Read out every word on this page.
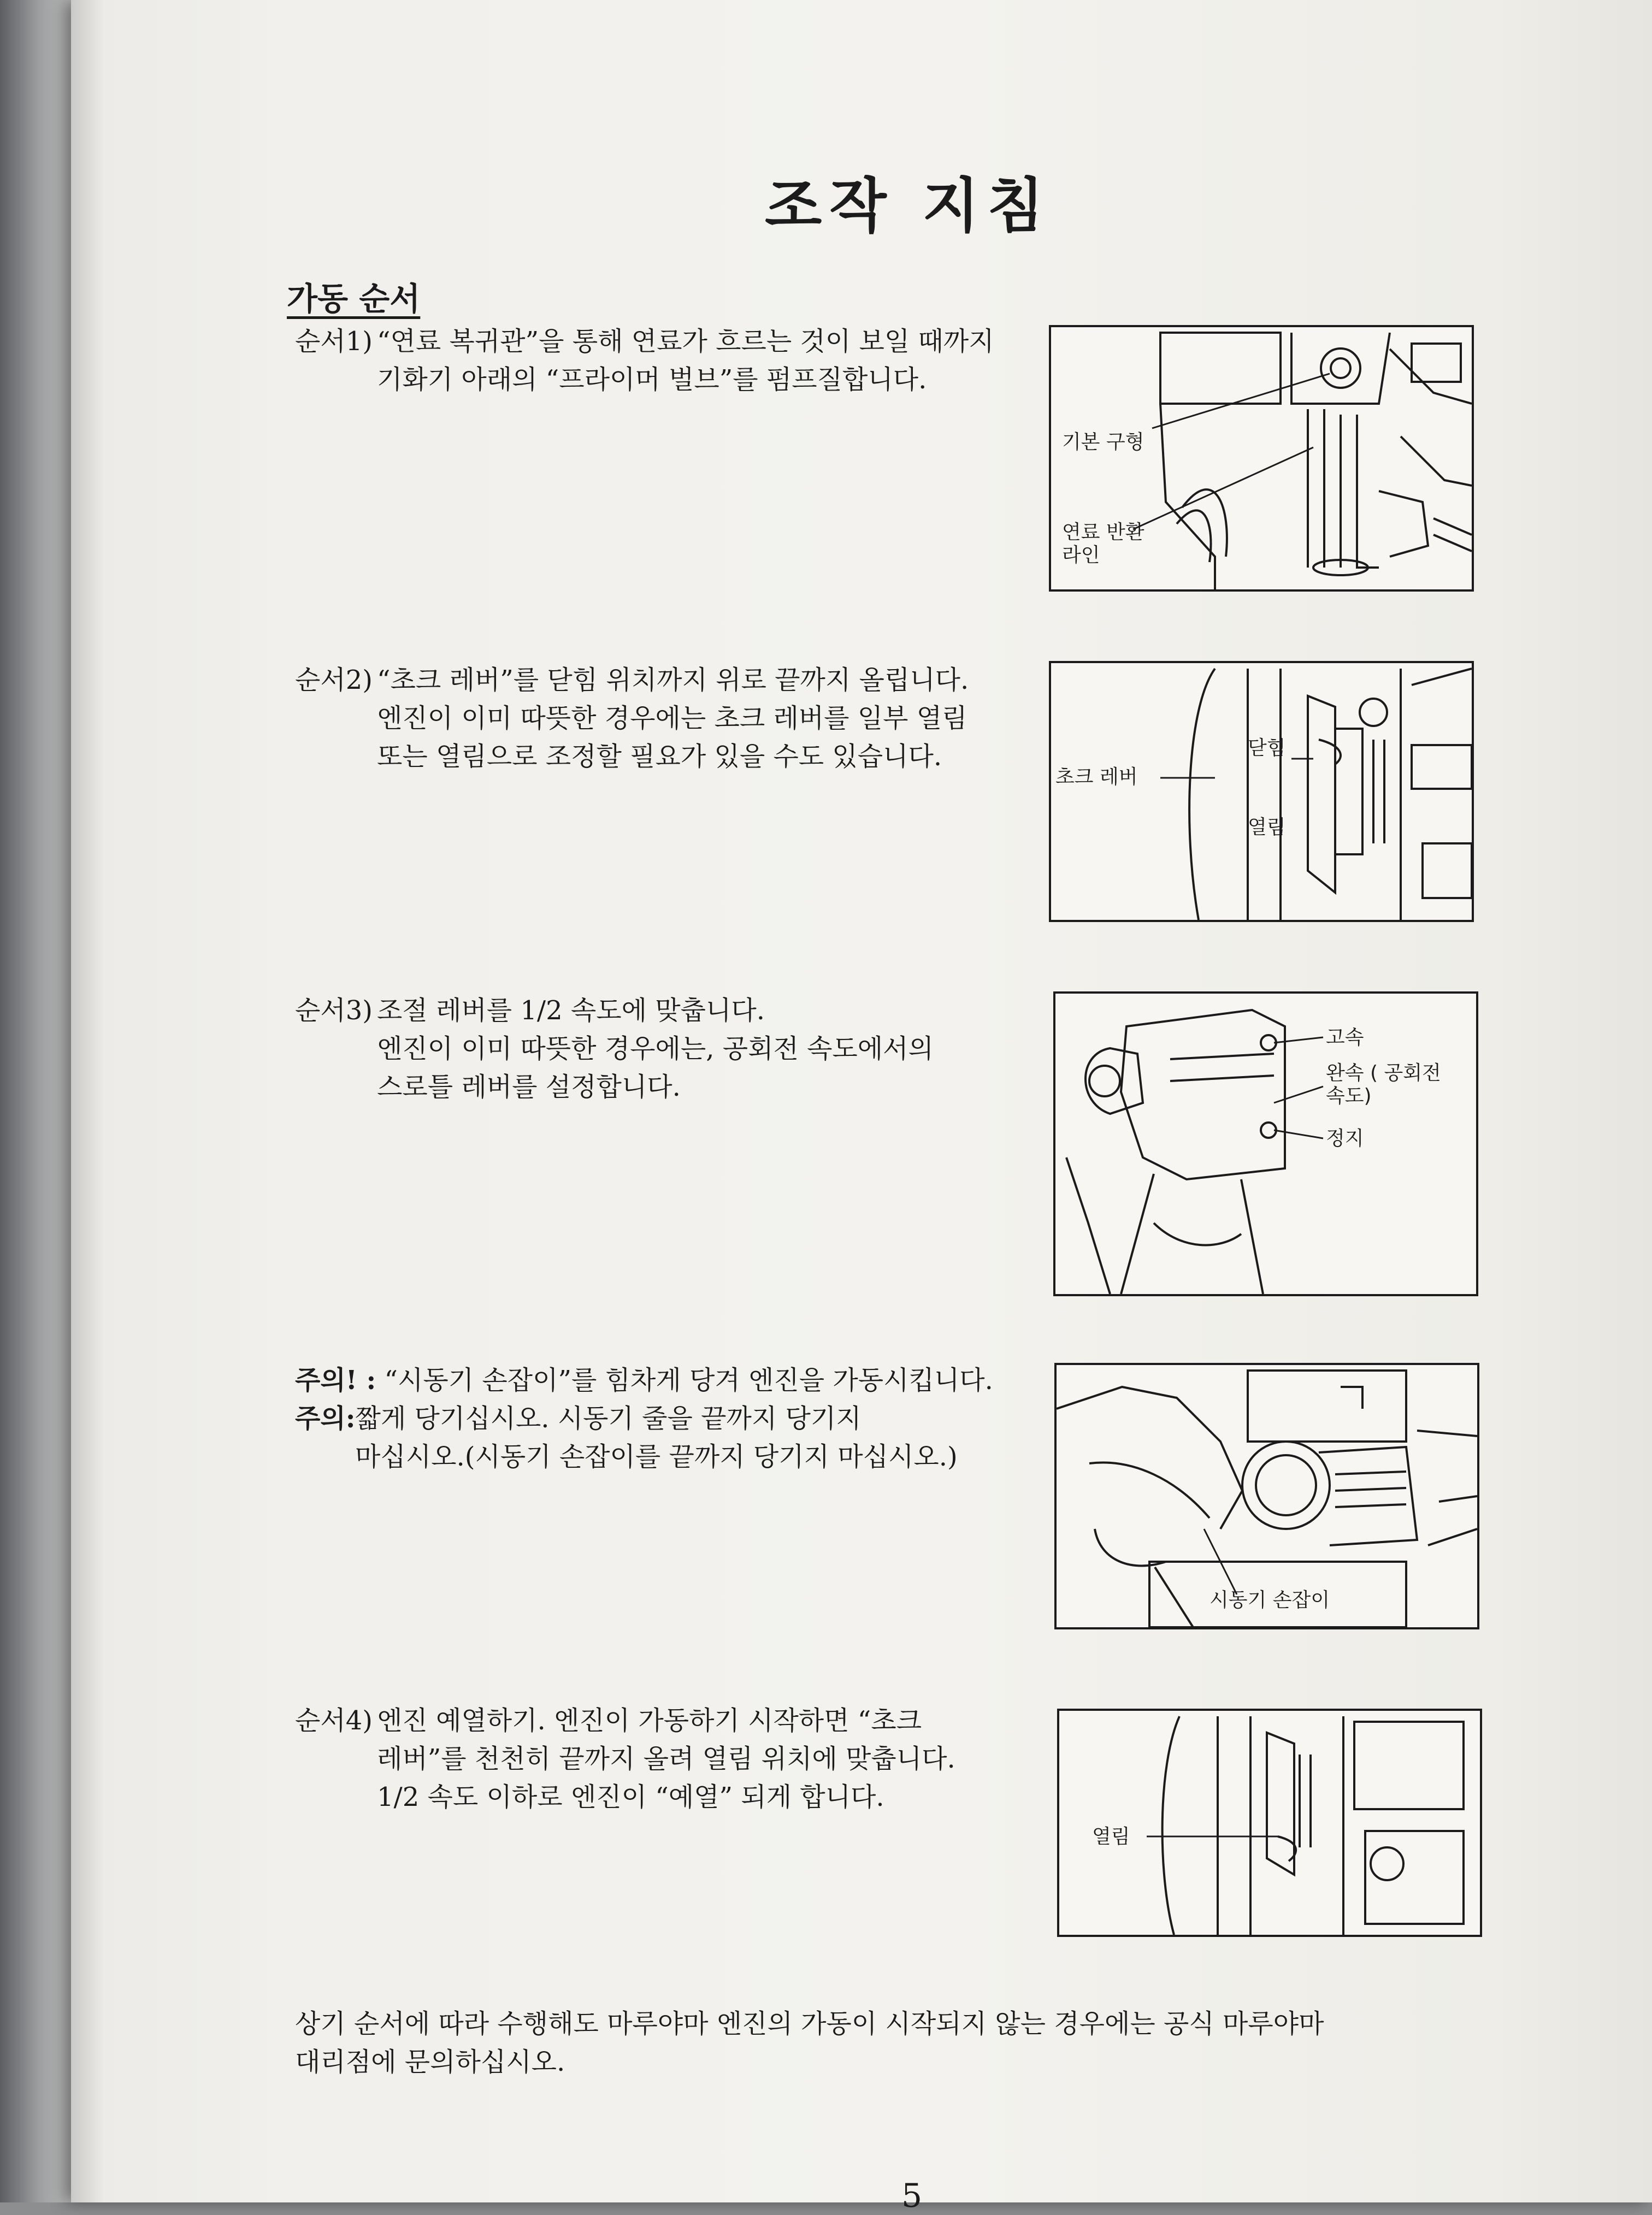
조작 지침
가동 순서
순서1) “연료 복귀관”을 통해 연료가 흐르는 것이 보일 때까지
기화기 아래의 “프라이머 벌브”를 펌프질합니다.
기본 구형
연료 반환
라인
순서2) “초크 레버”를 닫힘 위치까지 위로 끝까지 올립니다.
엔진이 이미 따뜻한 경우에는 초크 레버를 일부 열림
또는 열림으로 조정할 필요가 있을 수도 있습니다.
초크 레버
닫힘
열림
순서3) 조절 레버를 1/2 속도에 맞춥니다.
엔진이 이미 따뜻한 경우에는, 공회전 속도에서의
스로틀 레버를 설정합니다.
고속
완속 ( 공회전
속도)
정지
주의! : “시동기 손잡이”를 힘차게 당겨 엔진을 가동시킵니다.
주의:짧게 당기십시오. 시동기 줄을 끝까지 당기지
마십시오.(시동기 손잡이를 끝까지 당기지 마십시오.)
시동기 손잡이
순서4) 엔진 예열하기. 엔진이 가동하기 시작하면 “초크
레버”를 천천히 끝까지 올려 열림 위치에 맞춥니다.
1/2 속도 이하로 엔진이 “예열” 되게 합니다.
열림
상기 순서에 따라 수행해도 마루야마 엔진의 가동이 시작되지 않는 경우에는 공식 마루야마
대리점에 문의하십시오.
5
